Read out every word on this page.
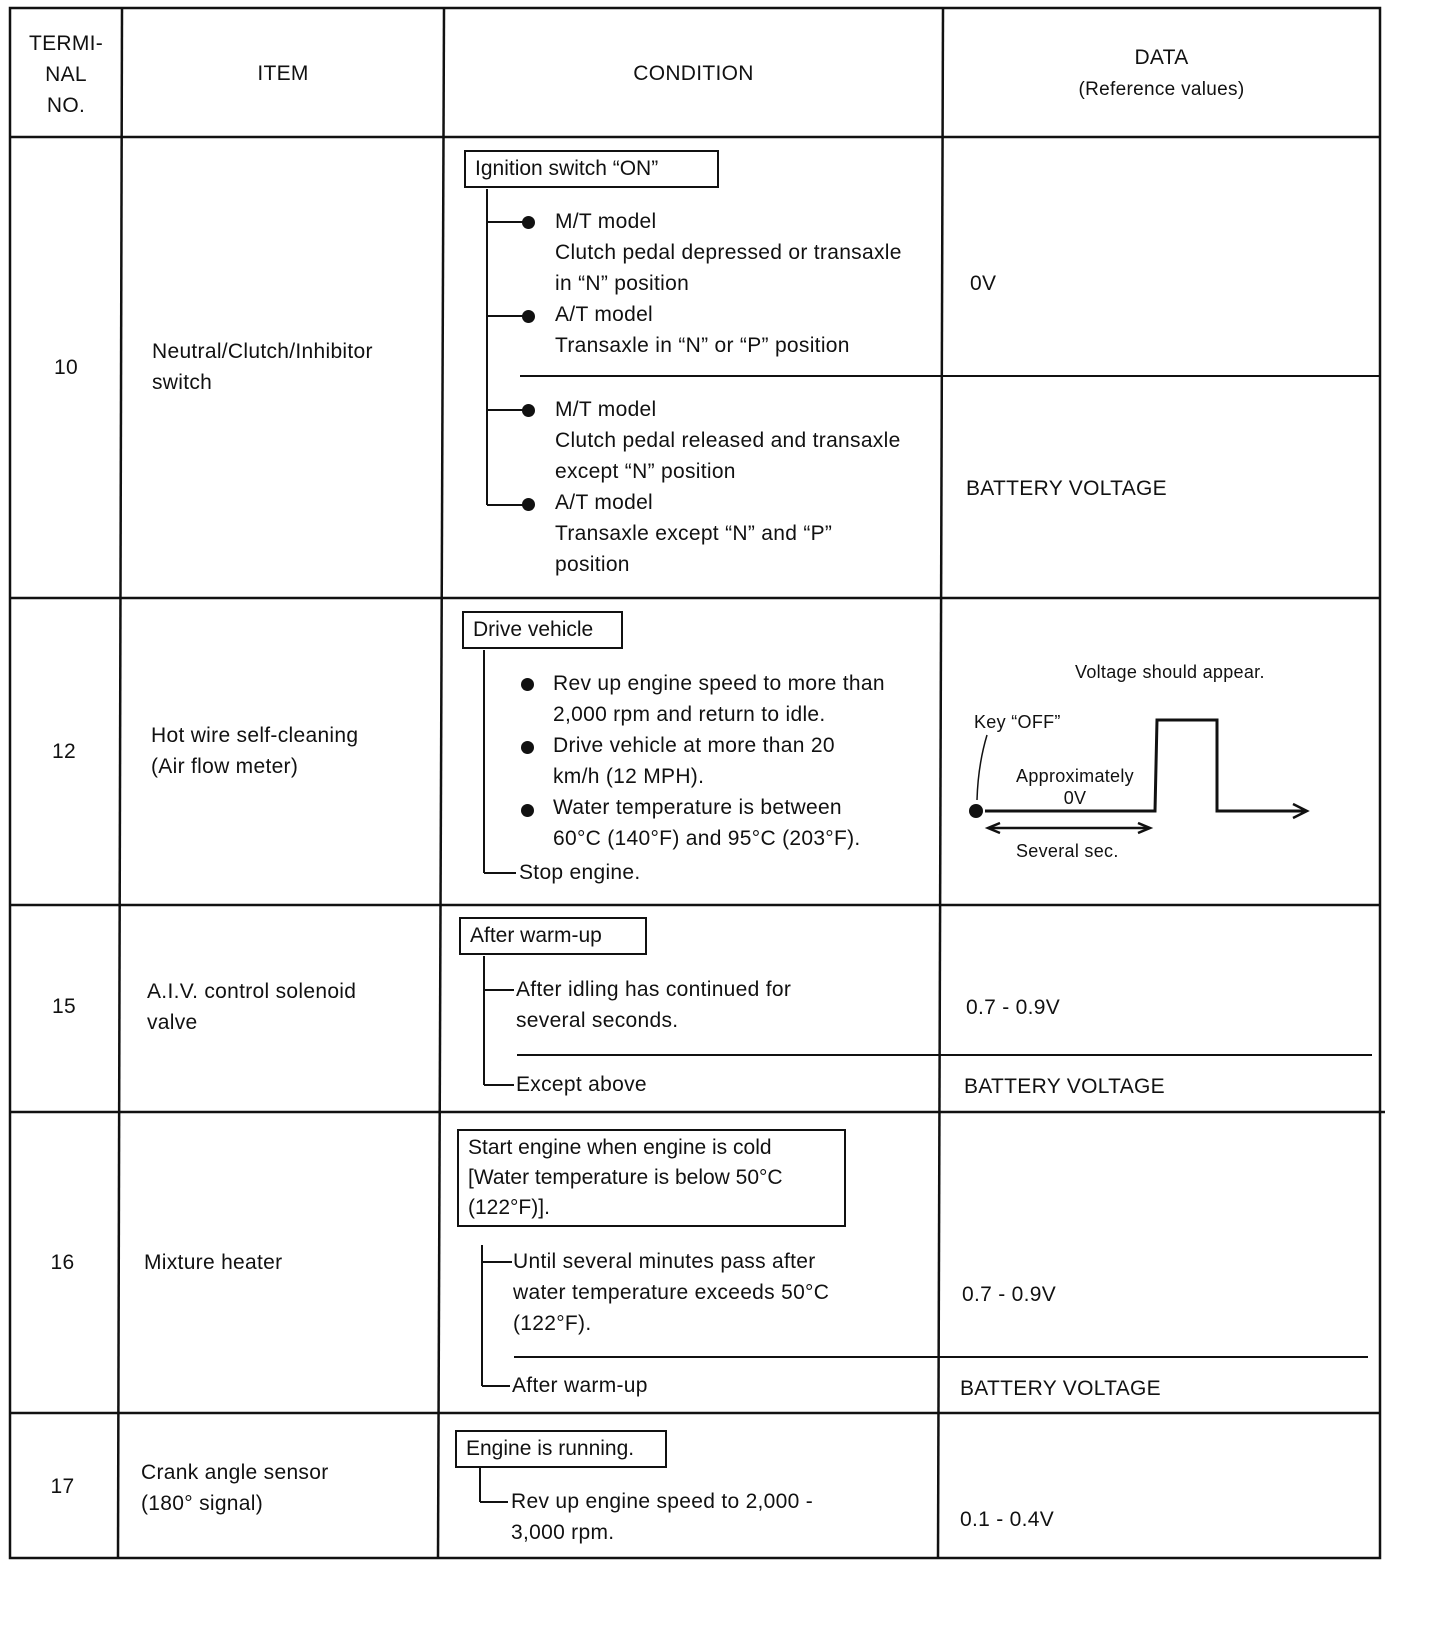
TERMI-
NAL
NO.
ITEM	CONDITION
DATA
(Reference values)
10
Neutral/Clutch/Inhibitor
switch
Ignition switch “ON”
M/T model
Clutch pedal depressed or transaxle
in “N” position
A/T model
Transaxle in “N” or “P” position
M/T model
Clutch pedal released and transaxle
except “N” position
A/T model
Transaxle except “N” and “P”
position
0V
BATTERY VOLTAGE
12
Hot wire self-cleaning
(Air flow meter)
Drive vehicle
Rev up engine speed to more than
2,000 rpm and return to idle.
Drive vehicle at more than 20
km/h (12 MPH).
Water temperature is between
60°C (140°F) and 95°C (203°F).
Stop engine.
Voltage should appear.
Key “OFF”
Approximately
0V
Several sec.
15
A.I.V. control solenoid
valve
After warm-up
After idling has continued for
several seconds.
Except above
0.7 - 0.9V
BATTERY VOLTAGE
16	Mixture heater
Start engine when engine is cold
[Water temperature is below 50°C
(122°F)].
Until several minutes pass after
water temperature exceeds 50°C
(122°F).
After warm-up
0.7 - 0.9V
BATTERY VOLTAGE
17
Crank angle sensor
(180° signal)
Engine is running.
Rev up engine speed to 2,000 -
3,000 rpm.
0.1 - 0.4V
